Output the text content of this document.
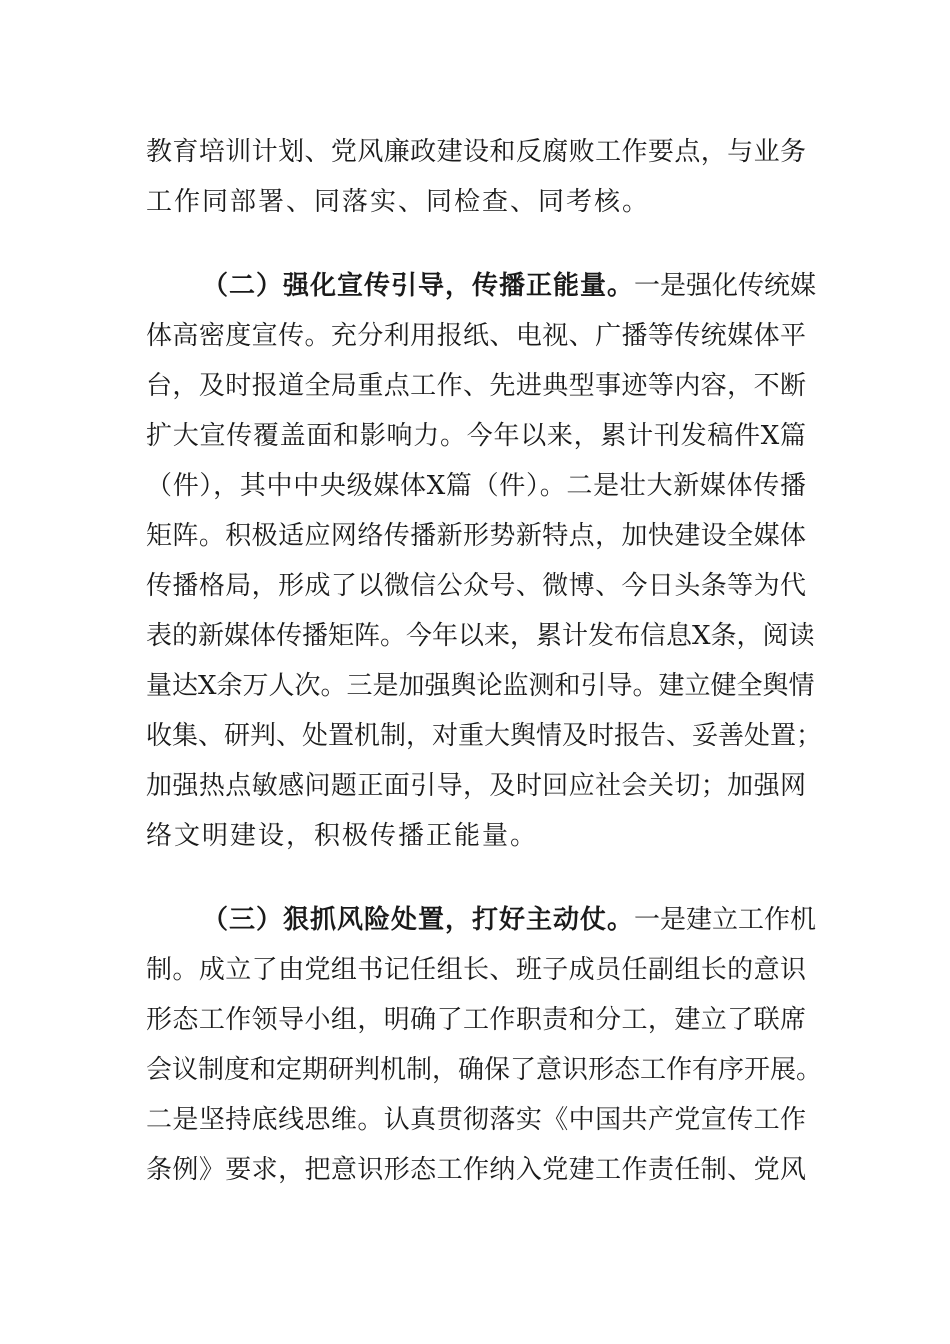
教育培训计划、党风廉政建设和反腐败工作要点，与业务
工作同部署、同落实、同检查、同考核。
（二）强化宣传引导，传播正能量。一是强化传统媒
体高密度宣传。充分利用报纸、电视、广播等传统媒体平
台，及时报道全局重点工作、先进典型事迹等内容，不断
扩大宣传覆盖面和影响力。今年以来，累计刊发稿件X篇
（件），其中中央级媒体X篇（件）。二是壮大新媒体传播
矩阵。积极适应网络传播新形势新特点，加快建设全媒体
传播格局，形成了以微信公众号、微博、今日头条等为代
表的新媒体传播矩阵。今年以来，累计发布信息X条，阅读
量达X余万人次。三是加强舆论监测和引导。建立健全舆情
收集、研判、处置机制，对重大舆情及时报告、妥善处置；
加强热点敏感问题正面引导，及时回应社会关切；加强网
络文明建设，积极传播正能量。
（三）狠抓风险处置，打好主动仗。一是建立工作机
制。成立了由党组书记任组长、班子成员任副组长的意识
形态工作领导小组，明确了工作职责和分工，建立了联席
会议制度和定期研判机制，确保了意识形态工作有序开展。
二是坚持底线思维。认真贯彻落实《中国共产党宣传工作
条例》要求，把意识形态工作纳入党建工作责任制、党风
